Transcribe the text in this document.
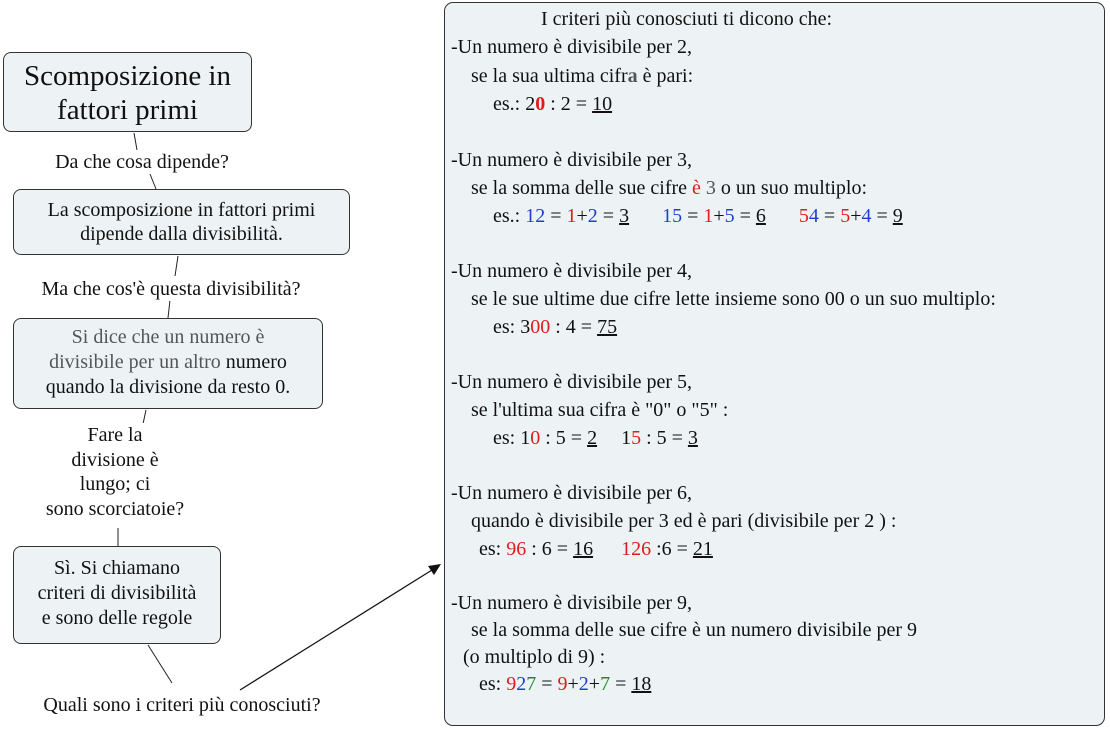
Scomposizione in
fattori primi
Da che cosa dipende?
La scomposizione in fattori primi
dipende dalla divisibilità.
Ma che cos'è questa divisibilità?
Si dice che un numero è
divisibile per un altro numero
quando la divisione da resto 0.
Fare la
divisione è
lungo; ci
sono scorciatoie?
Sì. Si chiamano
criteri di divisibilità
e sono delle regole
Quali sono i criteri più conosciuti?
I criteri più conosciuti ti dicono che:
-Un numero è divisibile per 2,
se la sua ultima cifra è pari:
es.: 20 : 2 = 10
-Un numero è divisibile per 3,
se la somma delle sue cifre è 3 o un suo multiplo:
es.: 12 = 1+2 = 3 15 = 1+5 = 6 54 = 5+4 = 9
-Un numero è divisibile per 4,
se le sue ultime due cifre lette insieme sono 00 o un suo multiplo:
es: 300 : 4 = 75
-Un numero è divisibile per 5,
se l'ultima sua cifra è "0" o "5" :
es: 10 : 5 = 2 15 : 5 = 3
-Un numero è divisibile per 6,
quando è divisibile per 3 ed è pari (divisibile per 2 ) :
es: 96 : 6 = 16 126 :6 = 21
-Un numero è divisibile per 9,
se la somma delle sue cifre è un numero divisibile per 9
(o multiplo di 9) :
es: 927 = 9+2+7 = 18
